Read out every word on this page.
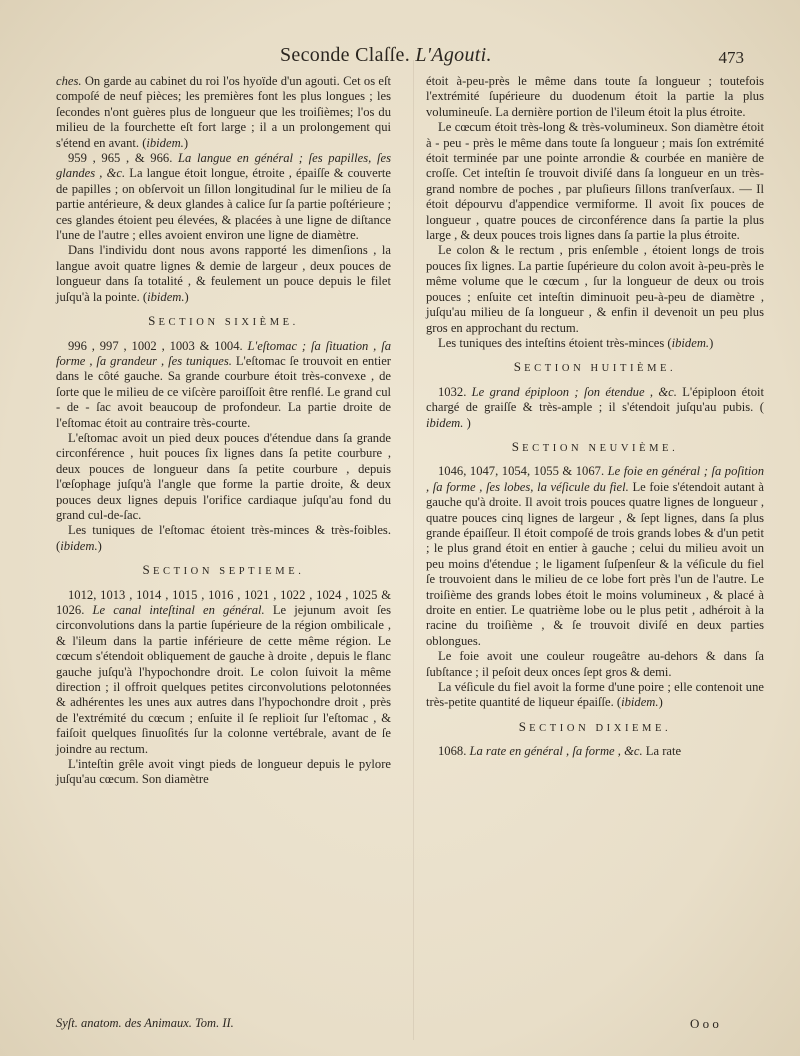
Seconde Claſſe. L'Agouti.	473

ches. On garde au cabinet du roi l'os hyoïde d'un agouti. Cet os eſt compoſé de neuf pièces; les premières font les plus longues ; les ſecondes n'ont guères plus de longueur que les troiſièmes; l'os du milieu de la fourchette eſt fort large ; il a un prolongement qui s'étend en avant. (ibidem.)

959 , 965 , & 966. La langue en général ; ſes papilles, ſes glandes , &c. La langue étoit longue, étroite , épaiſſe & couverte de papilles ; on obſervoit un ſillon longitudinal ſur le milieu de ſa partie antérieure, & deux glandes à calice ſur ſa partie poſtérieure ; ces glandes étoient peu élevées, & placées à une ligne de diſtance l'une de l'autre ; elles avoient environ une ligne de diamètre.

Dans l'individu dont nous avons rapporté les dimenſions , la langue avoit quatre lignes & demie de largeur , deux pouces de longueur dans ſa totalité , & feulement un pouce depuis le filet juſqu'à la pointe. (ibidem.)

SECTION SIXIÈME.

996 , 997 , 1002 , 1003 & 1004. L'eſtomac ; ſa ſituation , ſa forme , ſa grandeur , ſes tuniques. L'eſtomac ſe trouvoit en entier dans le côté gauche. Sa grande courbure étoit très-convexe , de ſorte que le milieu de ce viſcère paroiſſoit être renflé. Le grand cul - de - ſac avoit beaucoup de profondeur. La partie droite de l'eſtomac étoit au contraire très-courte.

L'eſtomac avoit un pied deux pouces d'étendue dans ſa grande circonférence , huit pouces ſix lignes dans ſa petite courbure , deux pouces de longueur dans ſa petite courbure , depuis l'œſophage juſqu'à l'angle que forme la partie droite, & deux pouces deux lignes depuis l'orifice cardiaque juſqu'au fond du grand cul-de-ſac.

Les tuniques de l'eſtomac étoient très-minces & très-foibles. (ibidem.)

SECTION SEPTIEME.

1012, 1013 , 1014 , 1015 , 1016 , 1021 , 1022 , 1024 , 1025 & 1026. Le canal inteſtinal en général. Le jejunum avoit ſes circonvolutions dans la partie ſupérieure de la région ombilicale , & l'ileum dans la partie inférieure de cette même région. Le cœcum s'étendoit obliquement de gauche à droite , depuis le flanc gauche juſqu'à l'hypochondre droit. Le colon ſuivoit la même direction ; il offroit quelques petites circonvolutions pelotonnées & adhérentes les unes aux autres dans l'hypochondre droit , près de l'extrémité du cœcum ; enſuite il ſe replioit ſur l'eſtomac , & faiſoit quelques ſinuoſités ſur la colonne vertébrale, avant de ſe joindre au rectum.

L'inteſtin grêle avoit vingt pieds de longueur depuis le pylore juſqu'au cœcum. Son diamètre

étoit à-peu-près le même dans toute ſa longueur ; toutefois l'extrémité ſupérieure du duodenum étoit la partie la plus volumineuſe. La dernière portion de l'ileum étoit la plus étroite.

Le cœcum étoit très-long & très-volumineux. Son diamètre étoit à - peu - près le même dans toute ſa longueur ; mais ſon extrémité étoit terminée par une pointe arrondie & courbée en manière de croſſe. Cet inteſtin ſe trouvoit diviſé dans ſa longueur en un très-grand nombre de poches , par pluſieurs ſillons tranſverſaux. — Il étoit dépourvu d'appendice vermiforme. Il avoit ſix pouces de longueur , quatre pouces de circonférence dans ſa partie la plus large , & deux pouces trois lignes dans ſa partie la plus étroite.

Le colon & le rectum , pris enſemble , étoient longs de trois pouces ſix lignes. La partie ſupérieure du colon avoit à-peu-près le même volume que le cœcum , ſur la longueur de deux ou trois pouces ; enſuite cet inteſtin diminuoit peu-à-peu de diamètre , juſqu'au milieu de ſa longueur , & enfin il devenoit un peu plus gros en approchant du rectum.

Les tuniques des inteſtins étoient très-minces (ibidem.)

SECTION HUITIÈME.

1032. Le grand épiploon ; ſon étendue , &c. L'épiploon étoit chargé de graiſſe & très-ample ; il s'étendoit juſqu'au pubis. ( ibidem. )

SECTION NEUVIÈME.

1046, 1047, 1054, 1055 & 1067. Le foie en général ; ſa poſition , ſa forme , ſes lobes, la véſicule du fiel. Le foie s'étendoit autant à gauche qu'à droite. Il avoit trois pouces quatre lignes de longueur , quatre pouces cinq lignes de largeur , & ſept lignes, dans ſa plus grande épaiſſeur. Il étoit compoſé de trois grands lobes & d'un petit ; le plus grand étoit en entier à gauche ; celui du milieu avoit un peu moins d'étendue ; le ligament ſuſpenſeur & la véſicule du fiel ſe trouvoient dans le milieu de ce lobe fort près l'un de l'autre. Le troiſième des grands lobes étoit le moins volumineux , & placé à droite en entier. Le quatrième lobe ou le plus petit , adhéroit à la racine du troiſième , & ſe trouvoit diviſé en deux parties oblongues.

Le foie avoit une couleur rougeâtre au-dehors & dans ſa ſubſtance ; il peſoit deux onces ſept gros & demi.

La véſicule du fiel avoit la forme d'une poire ; elle contenoit une très-petite quantité de liqueur épaiſſe. (ibidem.)

SECTION DIXIEME.

1068. La rate en général , ſa forme , &c. La rate

Syſt. anatom. des Animaux. Tom. II.	O o o
